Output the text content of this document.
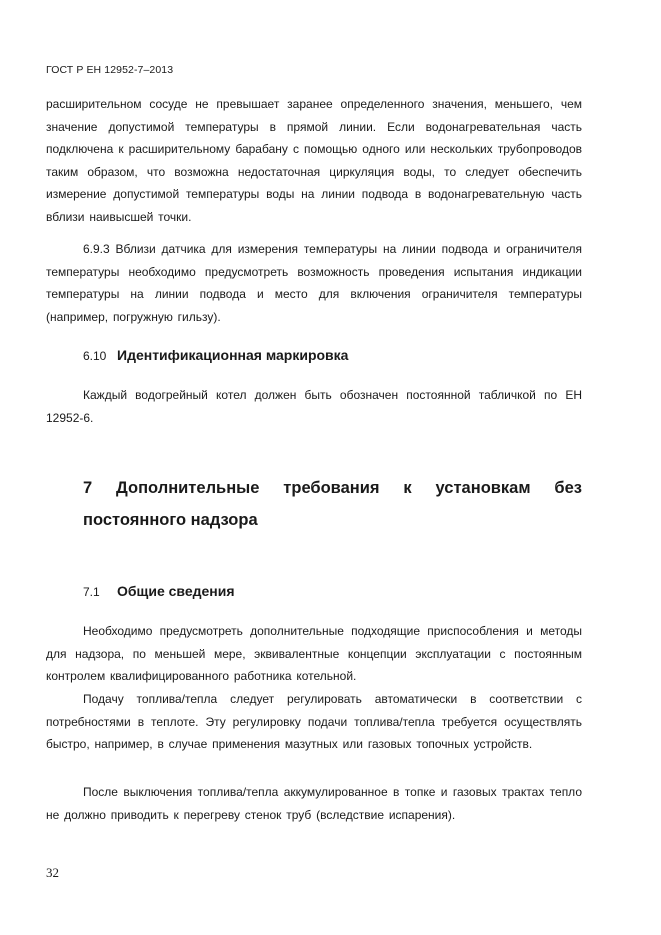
ГОСТ Р ЕН 12952-7–2013
расширительном сосуде не превышает заранее определенного значения, меньшего, чем значение допустимой температуры в прямой линии. Если водонагревательная часть подключена к расширительному барабану с помощью одного или нескольких трубопроводов таким образом, что возможна недостаточная циркуляция воды, то следует обеспечить измерение допустимой температуры воды на линии подвода в водонагревательную часть вблизи наивысшей точки.
6.9.3 Вблизи датчика для измерения температуры на линии подвода и ограничителя температуры необходимо предусмотреть возможность проведения испытания индикации температуры на линии подвода и место для включения ограничителя температуры (например, погружную гильзу).
6.10 Идентификационная маркировка
Каждый водогрейный котел должен быть обозначен постоянной табличкой по ЕН 12952-6.
7 Дополнительные требования к установкам без постоянного надзора
7.1 Общие сведения
Необходимо предусмотреть дополнительные подходящие приспособления и методы для надзора, по меньшей мере, эквивалентные концепции эксплуатации с постоянным контролем квалифицированного работника котельной.
Подачу топлива/тепла следует регулировать автоматически в соответствии с потребностями в теплоте. Эту регулировку подачи топлива/тепла требуется осуществлять быстро, например, в случае применения мазутных или газовых топочных устройств.
После выключения топлива/тепла аккумулированное в топке и газовых трактах тепло не должно приводить к перегреву стенок труб (вследствие испарения).
32
